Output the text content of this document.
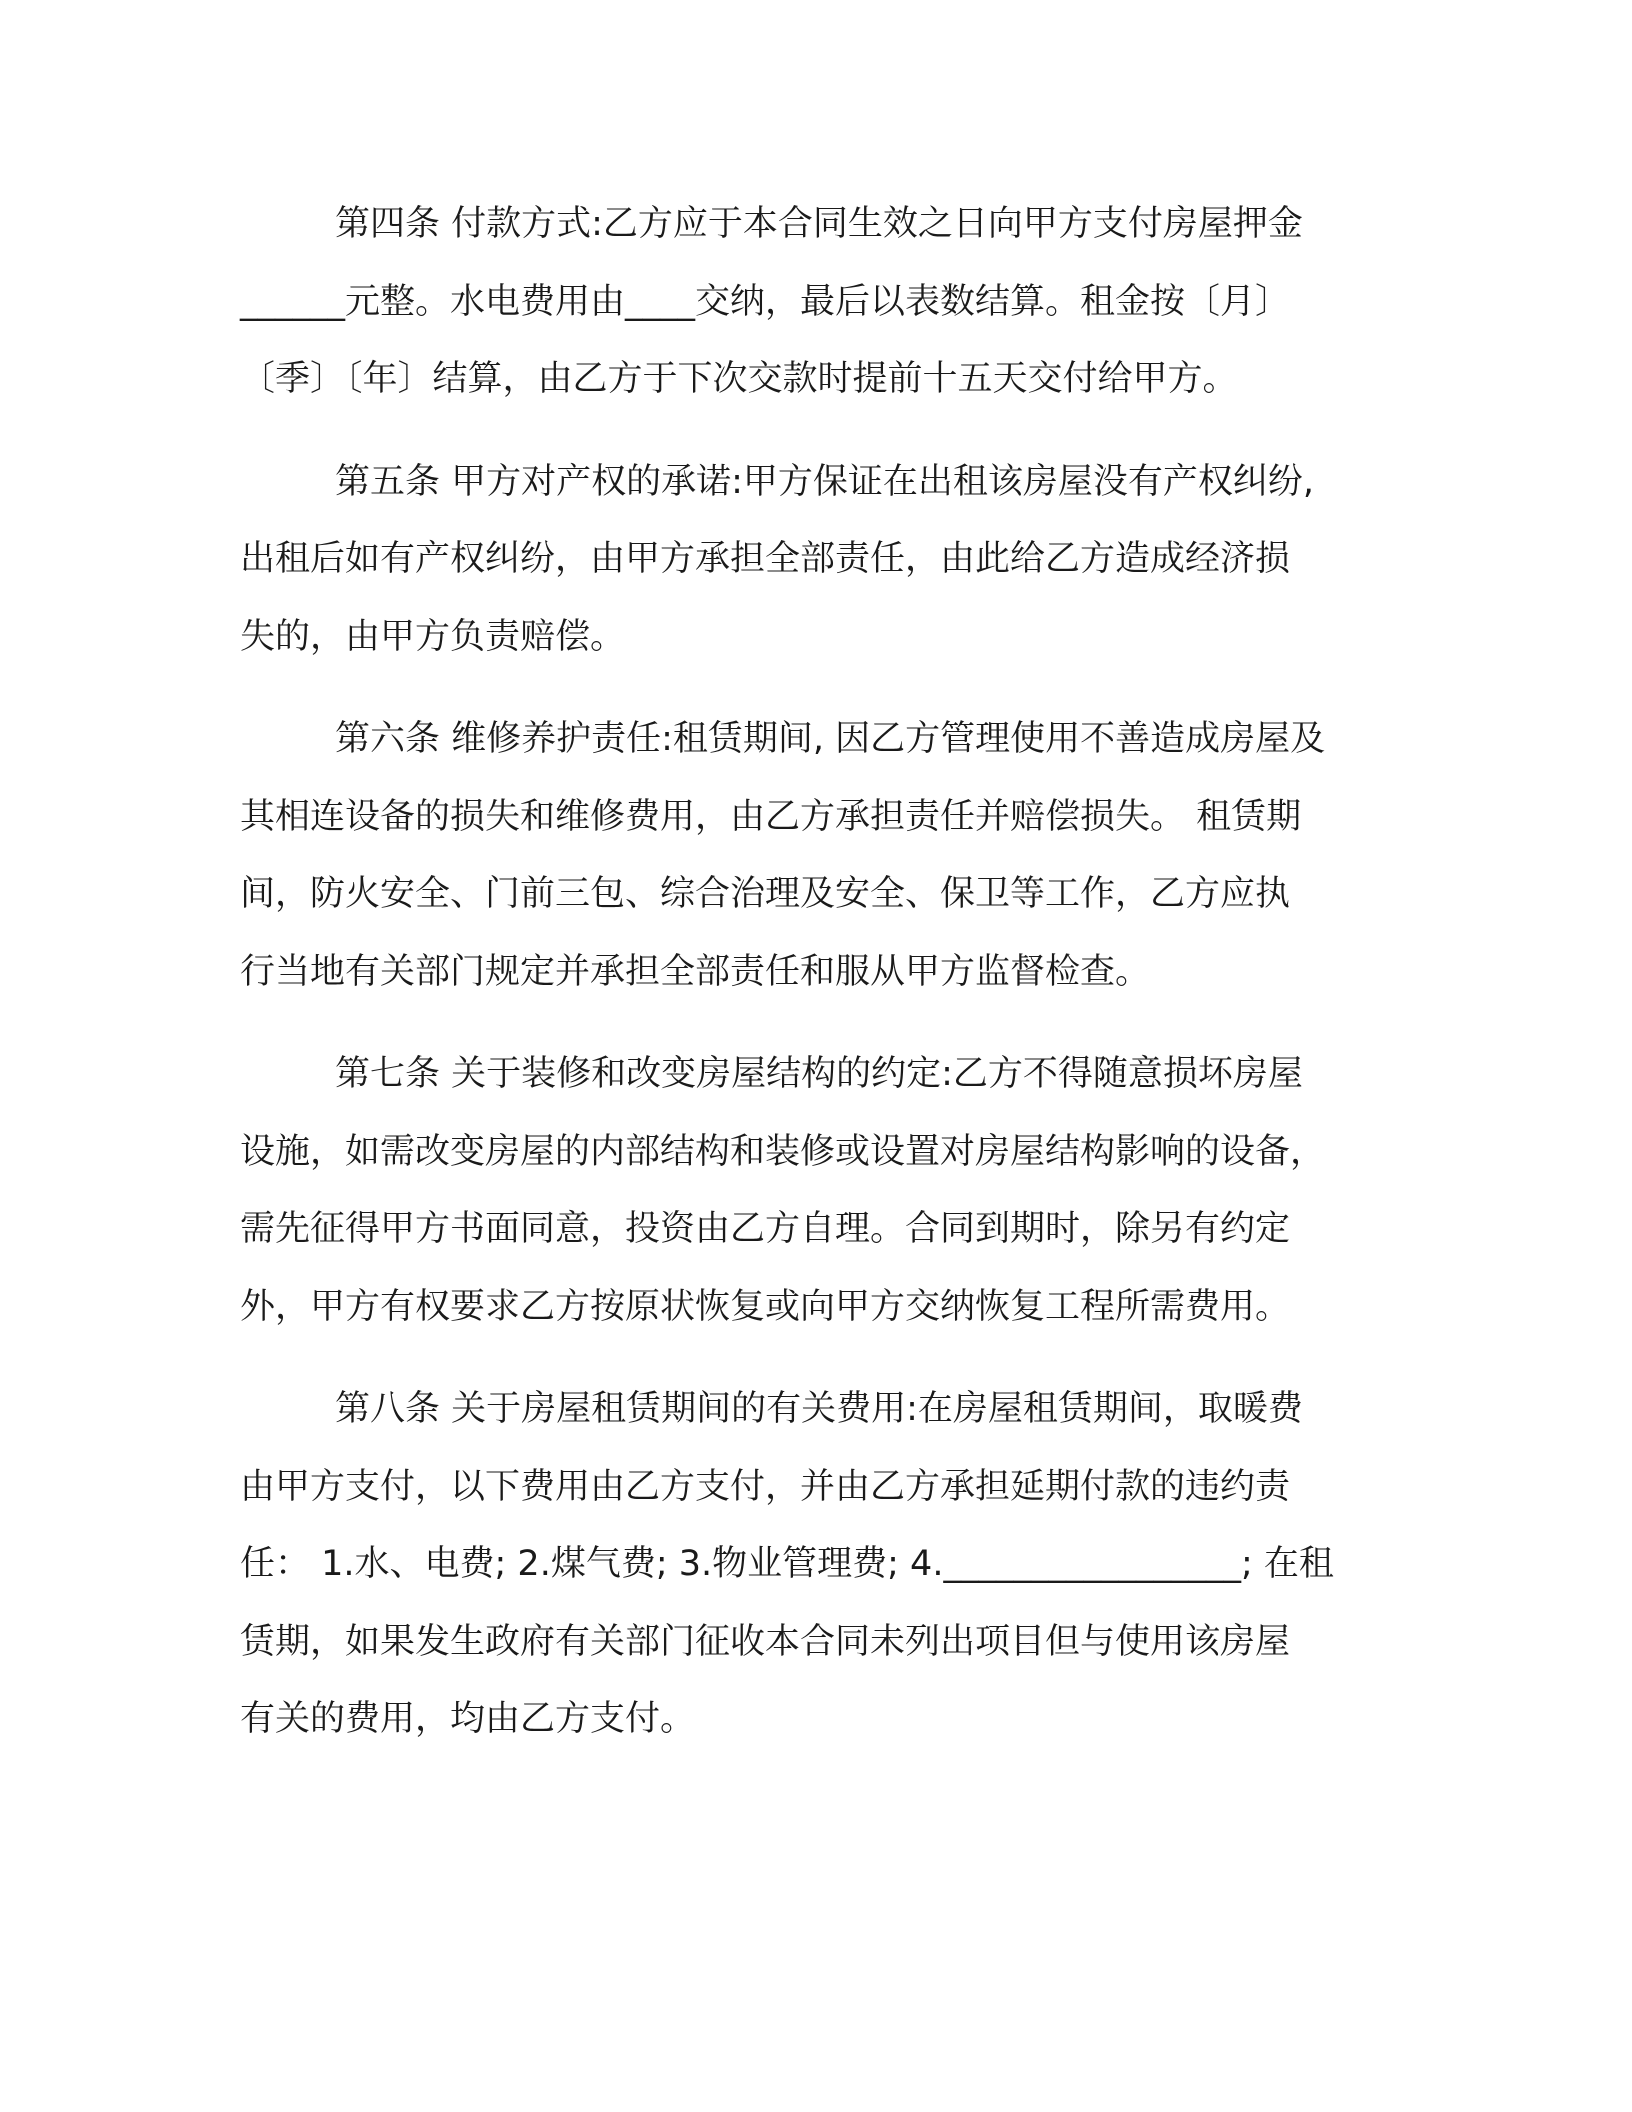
第四条 付款方式:乙方应于本合同生效之日向甲方支付房屋押金
______元整。水电费用由____交纳，最后以表数结算。租金按〔月〕
〔季〕〔年〕结算，由乙方于下次交款时提前十五天交付给甲方。
第五条 甲方对产权的承诺:甲方保证在出租该房屋没有产权纠纷,
出租后如有产权纠纷，由甲方承担全部责任，由此给乙方造成经济损
失的，由甲方负责赔偿。
第六条 维修养护责任:租赁期间, 因乙方管理使用不善造成房屋及
其相连设备的损失和维修费用，由乙方承担责任并赔偿损失。 租赁期
间，防火安全、门前三包、综合治理及安全、保卫等工作，乙方应执
行当地有关部门规定并承担全部责任和服从甲方监督检查。
第七条 关于装修和改变房屋结构的约定:乙方不得随意损坏房屋
设施，如需改变房屋的内部结构和装修或设置对房屋结构影响的设备，
需先征得甲方书面同意，投资由乙方自理。合同到期时，除另有约定
外，甲方有权要求乙方按原状恢复或向甲方交纳恢复工程所需费用。
第八条 关于房屋租赁期间的有关费用:在房屋租赁期间，取暖费
由甲方支付，以下费用由乙方支付，并由乙方承担延期付款的违约责
任： 1.水、电费; 2.煤气费; 3.物业管理费; 4._________________; 在租
赁期，如果发生政府有关部门征收本合同未列出项目但与使用该房屋
有关的费用，均由乙方支付。
